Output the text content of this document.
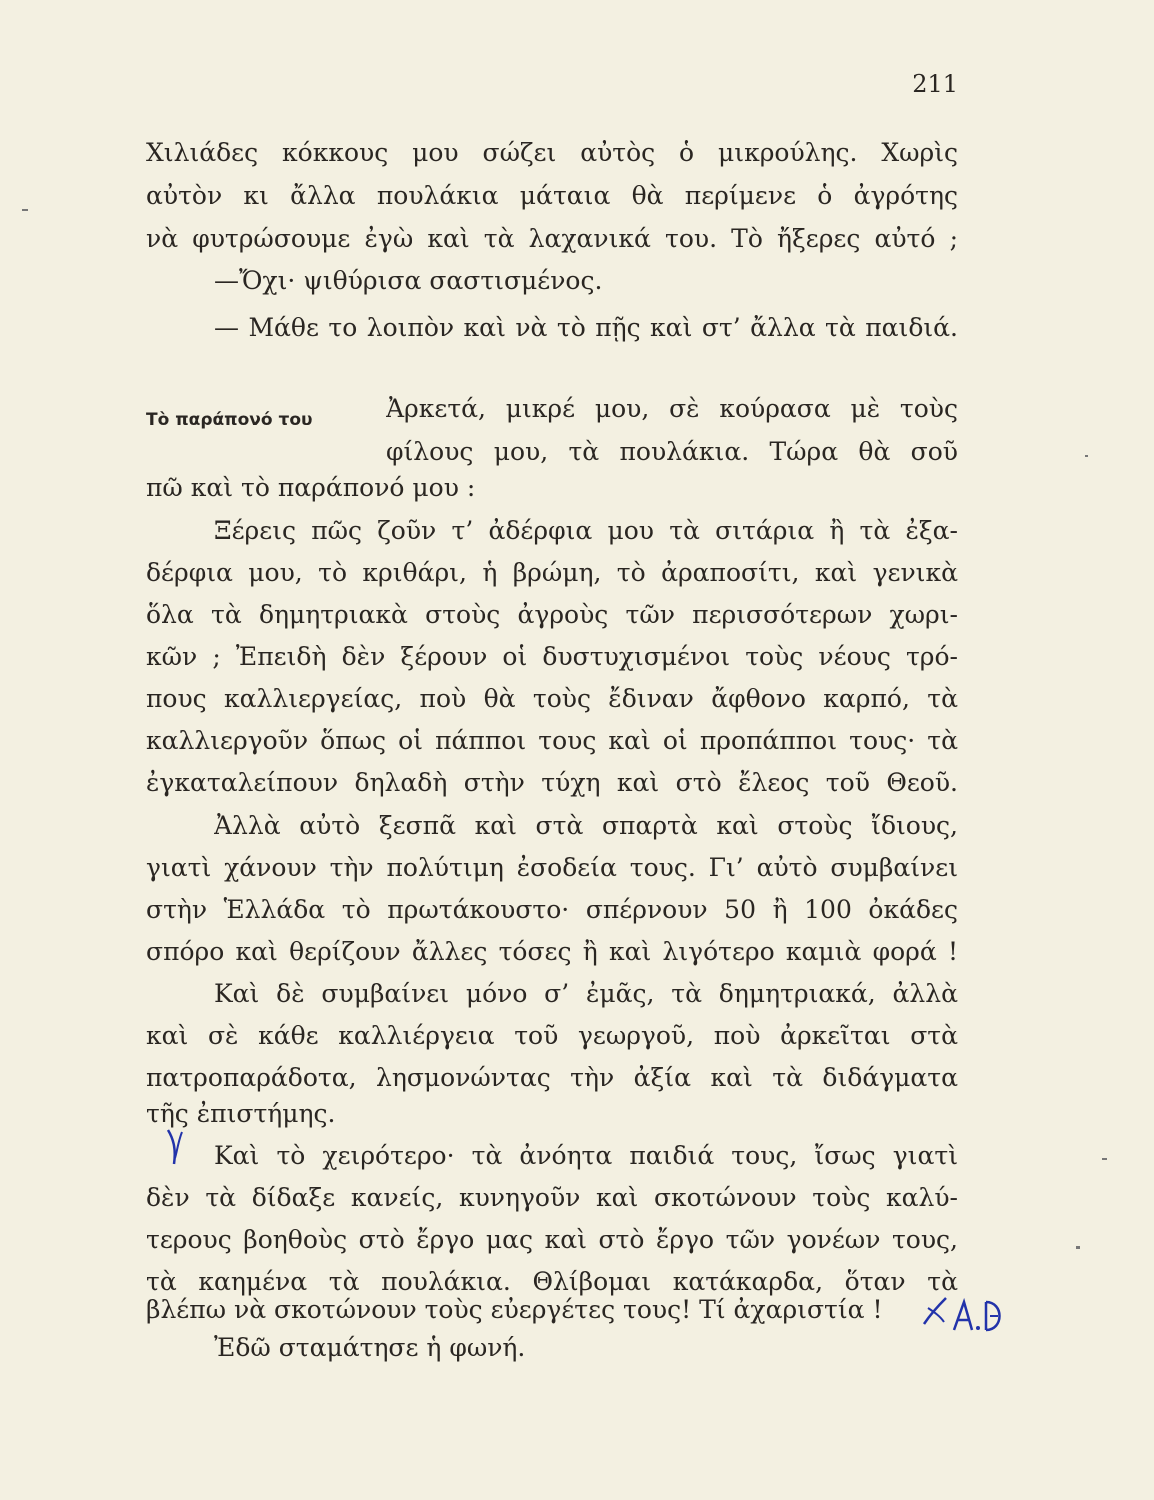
211
Χιλιάδες κόκκους μου σώζει αὐτὸς ὁ μικρούλης. Χωρὶς
αὐτὸν κι ἄλλα πουλάκια μάταια θὰ περίμενε ὁ ἀγρότης
νὰ φυτρώσουμε ἐγὼ καὶ τὰ λαχανικά του. Τὸ ἤξερες αὐτό ;
—Ὄχι· ψιθύρισα σαστισμένος.
— Μάθε το λοιπὸν καὶ νὰ τὸ πῇς καὶ στ’ ἄλλα τὰ παιδιά.
Τὸ παράπονό του	Ἀρκετά, μικρέ μου, σὲ κούρασα μὲ τοὺς
φίλους μου, τὰ πουλάκια. Τώρα θὰ σοῦ
πῶ καὶ τὸ παράπονό μου :
Ξέρεις πῶς ζοῦν τ’ ἀδέρφια μου τὰ σιτάρια ἢ τὰ ἐξα-
δέρφια μου, τὸ κριθάρι, ἡ βρώμη, τὸ ἀραποσίτι, καὶ γενικὰ
ὅλα τὰ δημητριακὰ στοὺς ἀγροὺς τῶν περισσότερων χωρι-
κῶν ; Ἐπειδὴ δὲν ξέρουν οἱ δυστυχισμένοι τοὺς νέους τρό-
πους καλλιεργείας, ποὺ θὰ τοὺς ἔδιναν ἄφθονο καρπό, τὰ
καλλιεργοῦν ὅπως οἱ πάπποι τους καὶ οἱ προπάπποι τους· τὰ
ἐγκαταλείπουν δηλαδὴ στὴν τύχη καὶ στὸ ἔλεος τοῦ Θεοῦ.
Ἀλλὰ αὐτὸ ξεσπᾶ καὶ στὰ σπαρτὰ καὶ στοὺς ἴδιους,
γιατὶ χάνουν τὴν πολύτιμη ἐσοδεία τους. Γι’ αὐτὸ συμβαίνει
στὴν Ἑλλάδα τὸ πρωτάκουστο· σπέρνουν 50 ἢ 100 ὀκάδες
σπόρο καὶ θερίζουν ἄλλες τόσες ἢ καὶ λιγότερο καμιὰ φορά !
Καὶ δὲ συμβαίνει μόνο σ’ ἐμᾶς, τὰ δημητριακά, ἀλλὰ
καὶ σὲ κάθε καλλιέργεια τοῦ γεωργοῦ, ποὺ ἀρκεῖται στὰ
πατροπαράδοτα, λησμονώντας τὴν ἀξία καὶ τὰ διδάγματα
τῆς ἐπιστήμης.
Καὶ τὸ χειρότερο· τὰ ἀνόητα παιδιά τους, ἴσως γιατὶ
δὲν τὰ δίδαξε κανείς, κυνηγοῦν καὶ σκοτώνουν τοὺς καλύ-
τερους βοηθοὺς στὸ ἔργο μας καὶ στὸ ἔργο τῶν γονέων τους,
τὰ καημένα τὰ πουλάκια. Θλίβομαι κατάκαρδα, ὅταν τὰ
βλέπω νὰ σκοτώνουν τοὺς εὐεργέτες τους! Τί ἀχαριστία !
Ἐδῶ σταμάτησε ἡ φωνή.
